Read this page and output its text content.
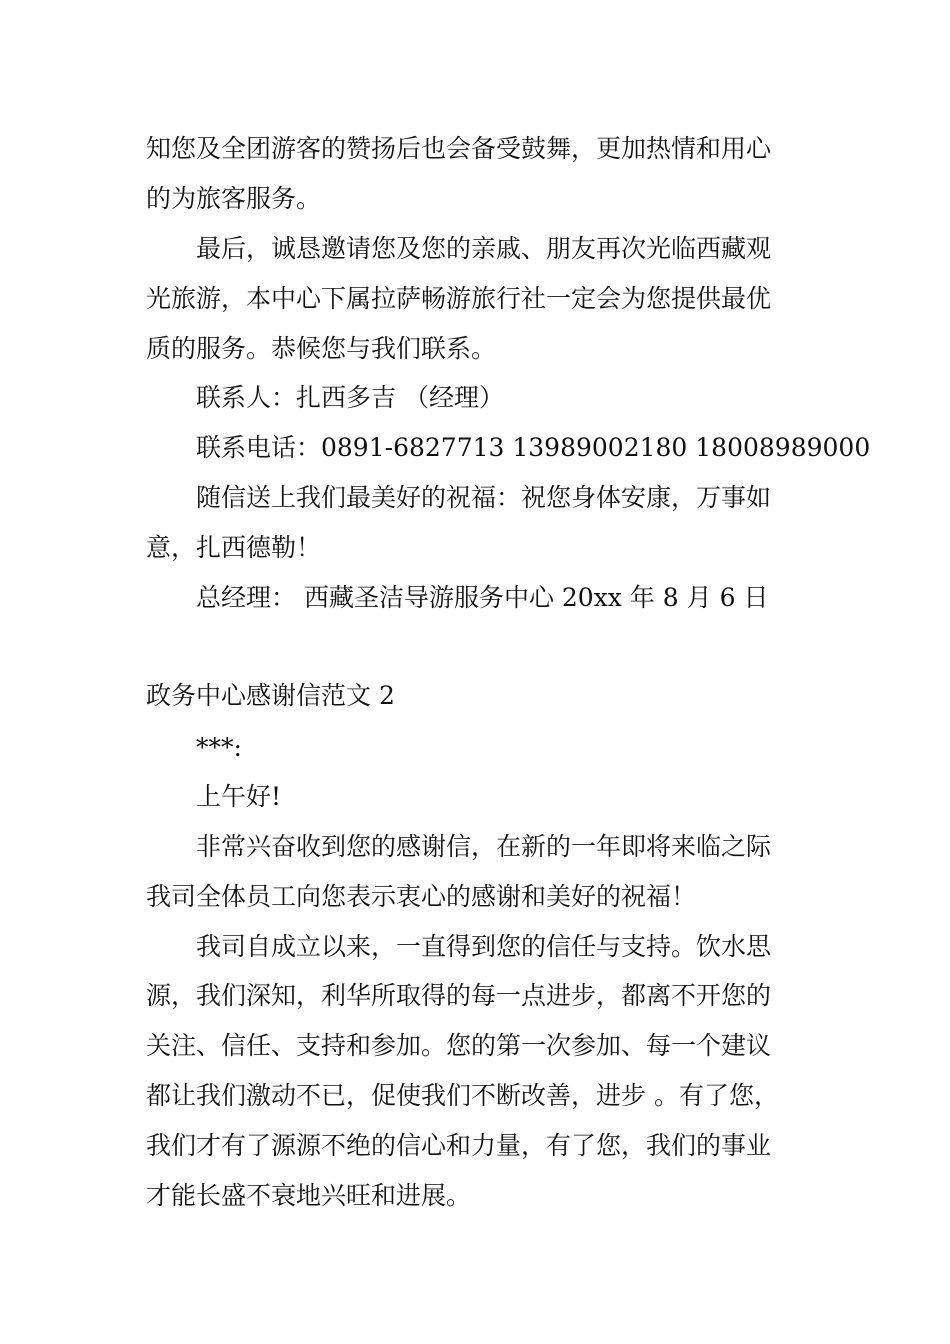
知您及全团游客的赞扬后也会备受鼓舞，更加热情和用心
的为旅客服务。
最后，诚恳邀请您及您的亲戚、朋友再次光临西藏观
光旅游，本中心下属拉萨畅游旅行社一定会为您提供最优
质的服务。恭候您与我们联系。
联系人：扎西多吉 （经理）
联系电话：0891-6827713 13989002180 18008989000
随信送上我们最美好的祝福：祝您身体安康，万事如
意，扎西德勒！
总经理： 西藏圣洁导游服务中心 20xx 年 8 月 6 日
政务中心感谢信范文 2
***:
上午好!
非常兴奋收到您的感谢信，在新的一年即将来临之际
我司全体员工向您表示衷心的感谢和美好的祝福！
我司自成立以来，一直得到您的信任与支持。饮水思
源，我们深知，利华所取得的每一点进步，都离不开您的
关注、信任、支持和参加。您的第一次参加、每一个建议
都让我们激动不已，促使我们不断改善，进步 。有了您，
我们才有了源源不绝的信心和力量，有了您，我们的事业
才能长盛不衰地兴旺和进展。
